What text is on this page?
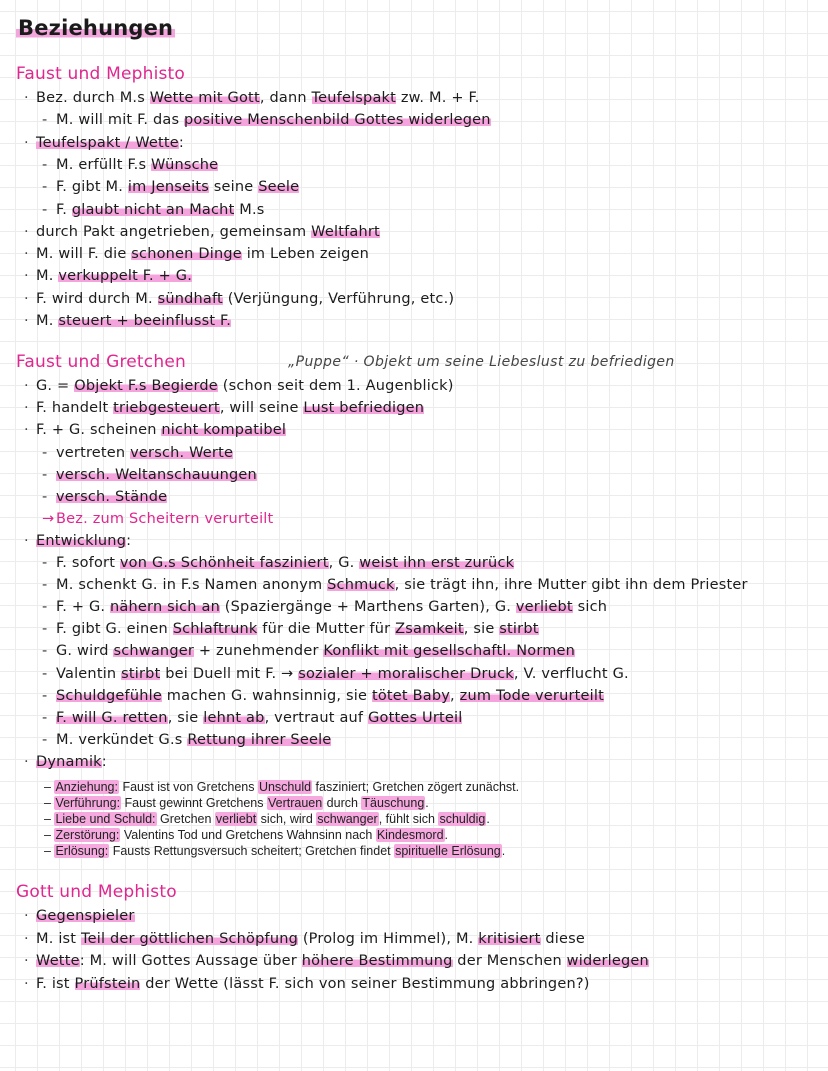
Beziehungen
Faust und Mephisto
· Bez. durch M.s Wette mit Gott, dann Teufelspakt zw. M. + F.
- M. will mit F. das positive Menschenbild Gottes widerlegen
· Teufelspakt / Wette:
- M. erfüllt F.s Wünsche
- F. gibt M. im Jenseits seine Seele
- F. glaubt nicht an Macht M.s
· durch Pakt angetrieben, gemeinsam Weltfahrt
· M. will F. die schonen Dinge im Leben zeigen
· M. verkuppelt F. + G.
· F. wird durch M. sündhaft (Verjüngung, Verführung, etc.)
· M. steuert + beeinflusst F.
Faust und Gretchen	„Puppe“ · Objekt um seine Liebeslust zu befriedigen
· G. = Objekt F.s Begierde (schon seit dem 1. Augenblick)
· F. handelt triebgesteuert, will seine Lust befriedigen
· F. + G. scheinen nicht kompatibel
- vertreten versch. Werte
- versch. Weltanschauungen
- versch. Stände
→ Bez. zum Scheitern verurteilt
· Entwicklung:
- F. sofort von G.s Schönheit fasziniert, G. weist ihn erst zurück
- M. schenkt G. in F.s Namen anonym Schmuck, sie trägt ihn, ihre Mutter gibt ihn dem Priester
- F. + G. nähern sich an (Spaziergänge + Marthens Garten), G. verliebt sich
- F. gibt G. einen Schlaftrunk für die Mutter für Zsamkeit, sie stirbt
- G. wird schwanger + zunehmender Konflikt mit gesellschaftl. Normen
- Valentin stirbt bei Duell mit F. → sozialer + moralischer Druck, V. verflucht G.
- Schuldgefühle machen G. wahnsinnig, sie tötet Baby, zum Tode verurteilt
- F. will G. retten, sie lehnt ab, vertraut auf Gottes Urteil
- M. verkündet G.s Rettung ihrer Seele
· Dynamik:
– Anziehung: Faust ist von Gretchens Unschuld fasziniert; Gretchen zögert zunächst.
– Verführung: Faust gewinnt Gretchens Vertrauen durch Täuschung.
– Liebe und Schuld: Gretchen verliebt sich, wird schwanger, fühlt sich schuldig.
– Zerstörung: Valentins Tod und Gretchens Wahnsinn nach Kindesmord.
– Erlösung: Fausts Rettungsversuch scheitert; Gretchen findet spirituelle Erlösung.
Gott und Mephisto
· Gegenspieler
· M. ist Teil der göttlichen Schöpfung (Prolog im Himmel), M. kritisiert diese
· Wette: M. will Gottes Aussage über höhere Bestimmung der Menschen widerlegen
· F. ist Prüfstein der Wette (lässt F. sich von seiner Bestimmung abbringen?)
